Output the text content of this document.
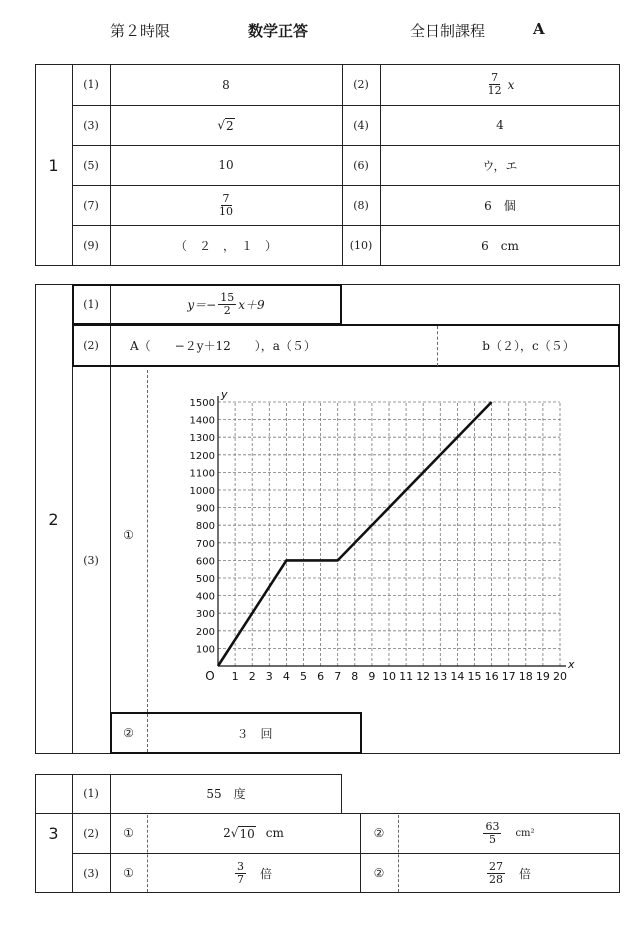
第２時限	数学正答	全日制課程	A
1
(1)	8	(2)	$\frac{7}{12}$ x
(3)	√ 2	(4)	4
(5)	10	(6)	ウ，エ
(7)	$\frac{7}{10}$	(8)	6　個
(9)	（　２　，　１　）	(10)	6　cm
2
(1)	$y=- \frac{15}{2} x+9$
(2)	A（　　−２y＋12　　），a（５）	b（２），c（５）
(3)
①
1 2 3 4 5 6 7 8 9 10 11 12 13 14 15 16 17 18 19 20
100
200
300
400
500
600
700
800
900
1000
1100
1200
1300
1400
1500
O
x
y
②	３　回
3
(1)	55　度
(2)	①	2 √ 10 cm	②	$\frac{63}{5} cm^2$
(3)	①	$\frac{3}{7}$ 倍	②	$\frac{27}{28}$ 倍
